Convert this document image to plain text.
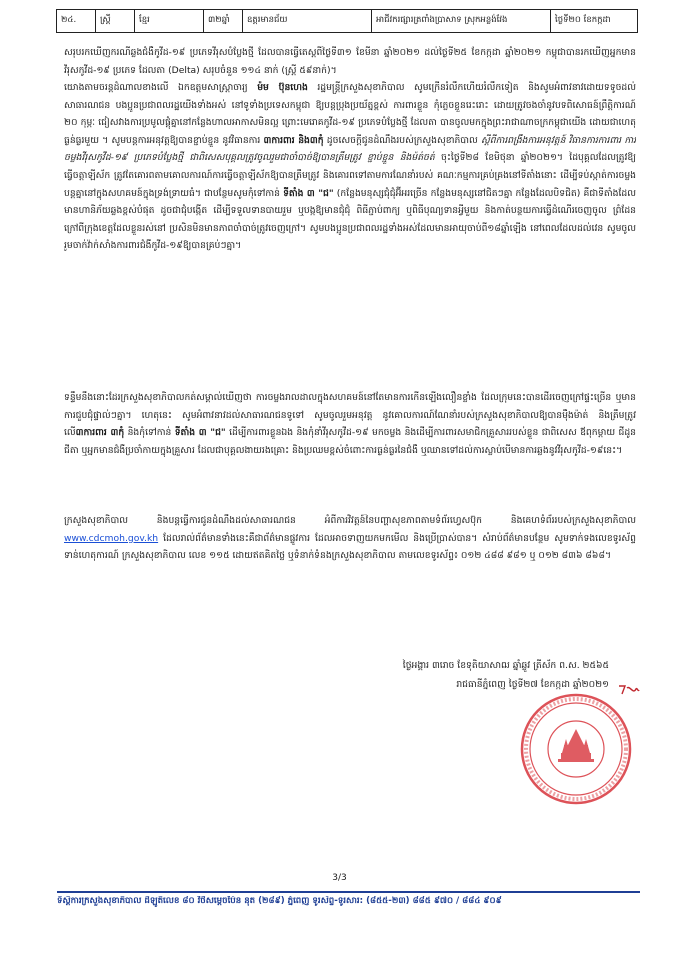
២៤.	ស្រ្តី	ខ្មែរ	៣២ឆ្នាំ	ឧត្តរមានជ័យ	អាជីវករផ្សារត្រពាំងប្រាសាទ ស្រុកអន្លង់វែង	ថ្ងៃទី២០ ខែកក្កដា

សរុបរកឃើញករណីឆ្លងជំងឺកូវីដ-១៩ ប្រភេទវីរុសបំប្លែងថ្មី ដែលបានធ្វើតេស្តពីថ្ងៃទី៣១ ខែមីនា ឆ្នាំ២០២១ ដល់ថ្ងៃទី២៥ ខែកក្កដា ឆ្នាំ២០២១ កម្ពុជាបានរកឃើញអ្នកមានវីរុសកូវីដ-១៩ ប្រភេទ ដែលតា (Delta) សរុបចំនួន ១១៤ នាក់ (ស្រ្តី ៥៩នាក់)។

យោងតាមចរន្តដំណាលខាងលើ ឯកឧត្តមសាស្ត្រាចារ្យ ម៉ម ប៊ុនហេង រដ្ឋមន្ត្រីក្រសួងសុខាភិបាល សូមក្រើនរំលឹកហើយរំលឹកទៀត និងសូមអំពាវនាវដោយទទូចដល់សាធារណជន បងប្អូនប្រជាពលរដ្ឋយើងទាំងអស់ នៅទូទាំងប្រទេសកម្ពុជា ឱ្យបន្តប្រុងប្រយ័ត្នខ្ពស់ ការពារខ្លួន កុំភ្លេចខ្លួនរេះរោះ ដោយត្រូវចងចាំនូវបទពិសោធន៍ព្រឹត្តិការណ៍ ២០ កុម្ភៈ ជៀសវាងការប្រមូលផ្តុំគ្នានៅកន្លែងហាលអាកាសមិនល្អ ព្រោះមេរោគកូវីដ-១៩ ប្រភេទបំប្លែងថ្មី ដែលតា បានចូលមកក្នុងព្រះរាជាណាចក្រកម្ពុជាយើង ដោយជាហេតុធ្ងន់ធ្ងរមួយ ។ សូមបន្តការអនុវត្តឱ្យបានខ្ជាប់ខ្ជួន នូវវិធានការ ៣ការពារ និង៣កុំ ដូចសេចក្តីជូនដំណឹងរបស់ក្រសួងសុខាភិបាល ស្តីពីការពង្រឹងការអនុវត្តន៍ វិធានការការពារ ការចម្លងវីរុសកូវីដ-១៩ ប្រភេទបំប្លែងថ្មី ជាពិសេសបុគ្គលត្រូវចូលរួមជាចាំបាច់ឱ្យបានត្រឹមត្រូវ ខ្ជាប់ខ្ជួន និងម៉ត់ចត់ ចុះថ្ងៃទី២៨ ខែមិថុនា ឆ្នាំ២០២១។ ដៃបុគ្គលដែលត្រូវឱ្យធ្វើចត្តាឡីស័ក ត្រូវតែគោរពតាមគោលការណ៍ការធ្វើចត្តាឡីស័កឱ្យបានត្រឹមត្រូវ និងគោរពទៅតាមការណែនាំរបស់ គណៈកម្មការគ្រប់គ្រងនៅទីតាំងនោះ ដើម្បីទប់ស្កាត់ការចម្លងបន្តគ្នានៅក្នុងសហគមន៍ក្នុងទ្រង់ទ្រាយធំ។ ជាបន្ថែមសូមកុំទៅកាន់ ទីតាំង ៣ "ជ" (កន្លែងមនុស្សជុំជុំអ៊ីអរច្រើន កន្លែងមនុស្សនៅជិតៗគ្នា កន្លែងដែលបិទជិត) គឺជាទីតាំងដែលមានហានិភ័យឆ្លងខ្ពស់បំផុត ដូចជាជុំបង្កើត ដើម្បីទទួលទានបាយរួម ឬបង្កឱ្យមានជុំជុំ ពិធីភ្ជាប់ពាក្យ ឬពិធីបុណ្យទានអ្វីមួយ និងកាត់បន្ថយការធ្វើដំណើរចេញចូល ព្រំដែន ក្រៅពីក្រុងខេត្តដែលខ្លួនរស់នៅ ប្រសិនមិនមានភាពចាំបាច់ត្រូវចេញក្រៅ។ សូមបងប្អូនប្រជាពលរដ្ឋទាំងអស់ដែលមានអាយុចាប់ពី១៨ឆ្នាំឡើង នៅពេលដែលដល់វេន សូមចូលរួមចាក់វ៉ាក់សាំងការពារជំងឺកូវីដ-១៩ឱ្យបានគ្រប់ៗគ្នា។

ទន្ទឹមនឹងនោះដែរក្រសួងសុខាភិបាលកត់សម្គាល់ឃើញថា ការចម្លងរាលដាលក្នុងសហគមន៍នៅតែមានការកើនឡើងលឿនខ្លាំង ដែលក្រុមនេះបានដើរចេញក្រៅផ្ទះច្រើន ឬមានការជួបជុំផ្ទាល់ៗគ្នា។ ហេតុនេះ សូមអំពាវនាវដល់សាធារណជនទូទៅ សូមចូលរួមអនុវត្ត នូវគោលការណ៍ណែនាំរបស់ក្រសួងសុខាភិបាលឱ្យបានម៉ឺងម៉ាត់ និងត្រឹមត្រូវ លើ៣ការពារ ៣កុំ និងកុំទៅកាន់ ទីតាំង ៣ "ជ" ដើម្បីការពារខ្លួនឯង និងកុំនាំវីរុសកូវីដ-១៩ មកចម្លង និងដើម្បីការពារសមាជិកគ្រួសាររបស់ខ្លួន ជាពិសេស ឪពុកម្តាយ ជីដូន ជីតា ឬអ្នកមានជំងឺប្រចាំកាយក្នុងគ្រួសារ ដែលជាបុគ្គលងាយរងគ្រោះ និងប្រឈមខ្ពស់ចំពោះការធ្ងន់ធ្ងរនៃជំងឺ ឬឈានទៅដល់ការស្លាប់បើមានការឆ្លងនូវវីរុសកូវីដ-១៩នេះ។

ក្រសួងសុខាភិបាល និងបន្តធ្វើការជូនដំណឹងដល់សាធារណជន អំពីការវិវត្តន៍នៃបញ្ហាសុខភាពតាមទំព័រហ្វេសប៊ុក និងគេហទំព័ររបស់ក្រសួងសុខាភិបាល www.cdcmoh.gov.kh ដែលរាល់ព័ត៌មានទាំងនេះគឺជាព័ត៌មានផ្លូវការ ដែលអាចទាញយកមកមើល និងប្រើប្រាស់បាន។ សំរាប់ព័ត៌មានបន្ថែម សូមទាក់ទងលេខទូរស័ព្ទទាន់ហេតុការណ៍ ក្រសួងសុខាភិបាល លេខ ១១៥ ដោយឥតគិតថ្លៃ ឬទំនាក់ទំនងក្រសួងសុខាភិបាល តាមលេខទូរស័ព្ទ៖ ០១២ ៤៨៨ ៩៨១ ឬ ០១២ ៨៣៦ ៨៦៨។

ថ្ងៃអង្គារ ៣រោច ខែទុតិយាសាឍ ឆ្នាំឆ្លូវ ត្រីស័ក ព.ស. ២៥៦៥
រាជធានីភ្នំពេញ ថ្ងៃទី២៧ ខែកក្កដា ឆ្នាំ២០២១
3/3
ទីស្តីការក្រសួងសុខាភិបាល ដីឡូតិ៍លេខ ៨០ វិថីសម្តេចប៉ែន នុត (២៨៩) ភ្នំពេញ ទូរស័ព្ទ-ទូរសារ: (៨៥៥-២៣) ៨៨៥ ៩៧០ / ៨៨៤ ៩០៩
